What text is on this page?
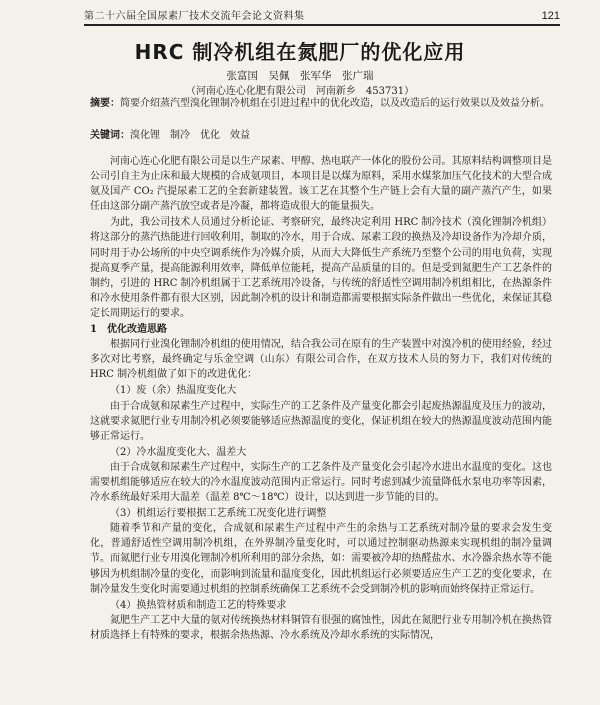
第二十六届全国尿素厂技术交流年会论文资料集	121
HRC 制冷机组在氮肥厂的优化应用
张富国　吴佩　张军华　张广瑞
（河南心连心化肥有限公司　河南新乡　453731）
摘要：简要介绍蒸汽型溴化锂制冷机组在引进过程中的优化改造，以及改造后的运行效果以及效益分析。
关键词：溴化锂　制冷　优化　效益

河南心连心化肥有限公司是以生产尿素、甲醇、热电联产一体化的股份公司。其原料结构调整项目是公司引自主为止床和最大规模的合成氨项目，本项目是以煤为原料，采用水煤浆加压气化技术的大型合成氨及国产 CO₂ 汽提尿素工艺的全套新建装置。该工艺在其整个生产链上会有大量的副产蒸汽产生，如果任由这部分副产蒸汽放空或者是冷凝，都将造成很大的能量损失。

为此，我公司技术人员通过分析论证、考察研究，最终决定利用 HRC 制冷技术（溴化锂制冷机组）将这部分的蒸汽热能进行回收利用，制取的冷水，用于合成、尿素工段的换热及冷却设备作为冷却介质，同时用于办公场所的中央空调系统作为冷媒介质，从而大大降低生产系统乃至整个公司的用电负荷，实现提高夏季产量，提高能源利用效率，降低单位能耗，提高产品质量的目的。但是受到氮肥生产工艺条件的制约，引进的 HRC 制冷机组属于工艺系统用冷设备，与传统的舒适性空调用制冷机组相比，在热源条件和冷水使用条件都有很大区别，因此制冷机的设计和制造都需要根据实际条件做出一些优化，来保证其稳定长周期运行的要求。

1　优化改造思路

根据同行业溴化锂制冷机组的使用情况，结合我公司在原有的生产装置中对溴冷机的使用经验，经过多次对比考察，最终确定与乐金空调（山东）有限公司合作，在双方技术人员的努力下，我们对传统的 HRC 制冷机组做了如下的改进优化：

（1）废（余）热温度变化大

由于合成氨和尿素生产过程中，实际生产的工艺条件及产量变化都会引起废热源温度及压力的波动，这就要求氮肥行业专用制冷机必须要能够适应热源温度的变化，保证机组在较大的热源温度波动范围内能够正常运行。

（2）冷水温度变化大、温差大

由于合成氨和尿素生产过程中，实际生产的工艺条件及产量变化会引起冷水进出水温度的变化。这也需要机组能够适应在较大的冷水温度波动范围内正常运行。同时考虑到减少流量降低水泵电功率等因素，冷水系统最好采用大温差（温差 8℃～18℃）设计，以达到进一步节能的目的。

（3）机组运行要根据工艺系统工况变化进行调整

随着季节和产量的变化，合成氨和尿素生产过程中产生的余热与工艺系统对制冷量的要求会发生变化，普通舒适性空调用制冷机组，在外界制冷量变化时，可以通过控制驱动热源来实现机组的制冷量调节。而氮肥行业专用溴化锂制冷机所利用的部分余热，如：需要被冷却的热醛盐水、水冷器余热水等不能够因为机组制冷量的变化，而影响到流量和温度变化，因此机组运行必须要适应生产工艺的变化要求，在制冷量发生变化时需要通过机组的控制系统确保工艺系统不会受到制冷机的影响而始终保持正常运行。

（4）换热管材质和制造工艺的特殊要求

氮肥生产工艺中大量的氨对传统换热材料铜管有很强的腐蚀性，因此在氮肥行业专用制冷机在换热管材质选择上有特殊的要求，根据余热热源、冷水系统及冷却水系统的实际情况，
